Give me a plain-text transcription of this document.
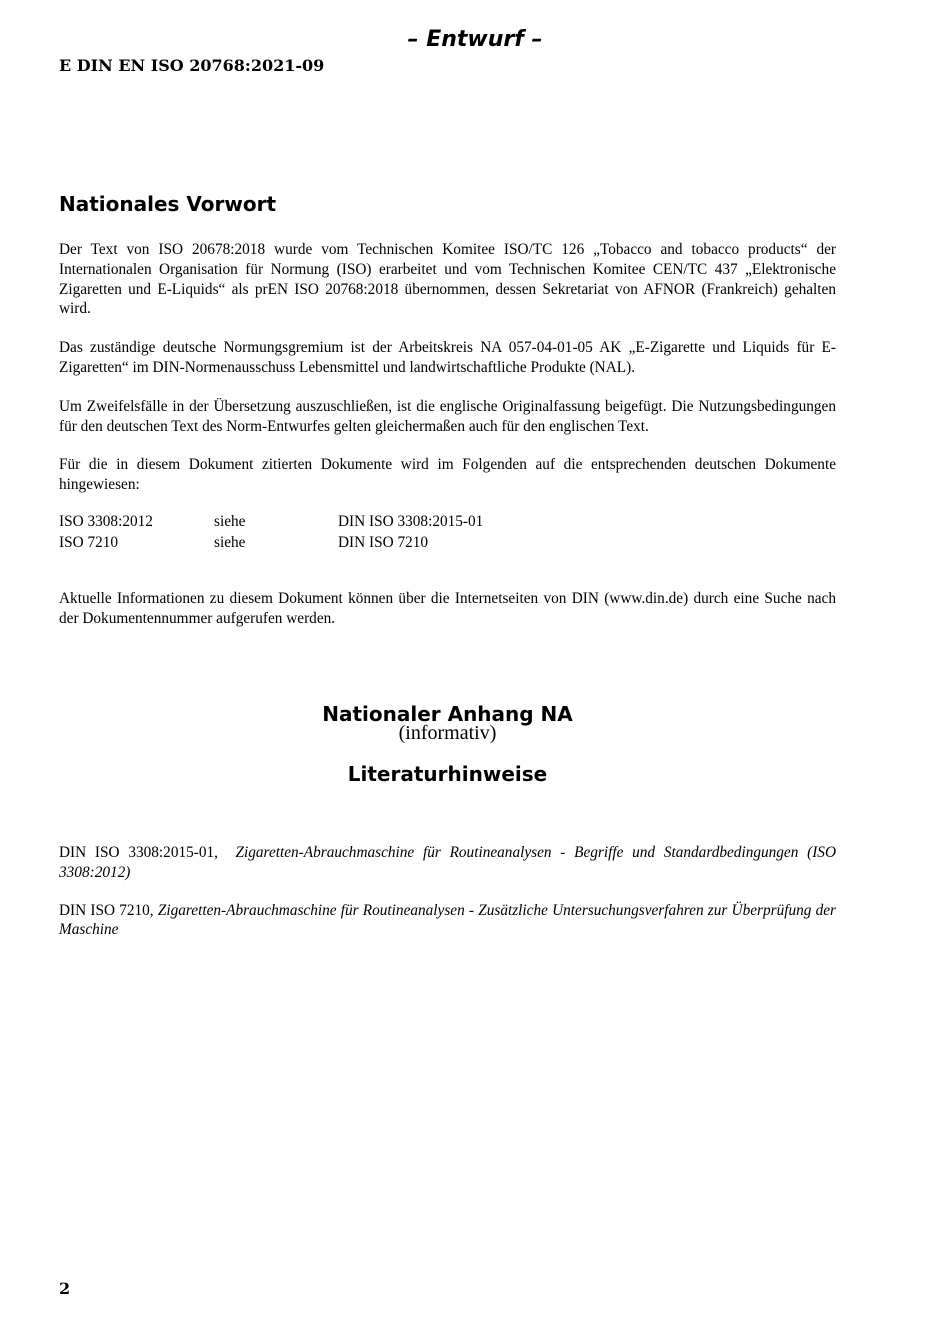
– Entwurf –
E DIN EN ISO 20768:2021-09
Nationales Vorwort

Der Text von ISO 20678:2018 wurde vom Technischen Komitee ISO/TC 126 „Tobacco and tobacco products“ der Internationalen Organisation für Normung (ISO) erarbeitet und vom Technischen Komitee CEN/TC 437 „Elektronische Zigaretten und E-Liquids“ als prEN ISO 20768:2018 übernommen, dessen Sekretariat von AFNOR (Frankreich) gehalten wird.

Das zuständige deutsche Normungsgremium ist der Arbeitskreis NA 057-04-01-05 AK „E-Zigarette und Liquids für E-Zigaretten“ im DIN-Normenausschuss Lebensmittel und landwirtschaftliche Produkte (NAL).

Um Zweifelsfälle in der Übersetzung auszuschließen, ist die englische Originalfassung beigefügt. Die Nutzungsbedingungen für den deutschen Text des Norm-Entwurfes gelten gleichermaßen auch für den englischen Text.

Für die in diesem Dokument zitierten Dokumente wird im Folgenden auf die entsprechenden deutschen Dokumente hingewiesen:

ISO 3308:2012	siehe	DIN ISO 3308:2015-01
ISO 7210	siehe	DIN ISO 7210

Aktuelle Informationen zu diesem Dokument können über die Internetseiten von DIN (www.din.de) durch eine Suche nach der Dokumentennummer aufgerufen werden.

Nationaler Anhang NA
(informativ)
Literaturhinweise

DIN ISO 3308:2015-01, Zigaretten-Abrauchmaschine für Routineanalysen - Begriffe und Standardbedingungen (ISO 3308:2012)

DIN ISO 7210, Zigaretten-Abrauchmaschine für Routineanalysen - Zusätzliche Untersuchungsverfahren zur Überprüfung der Maschine

2
